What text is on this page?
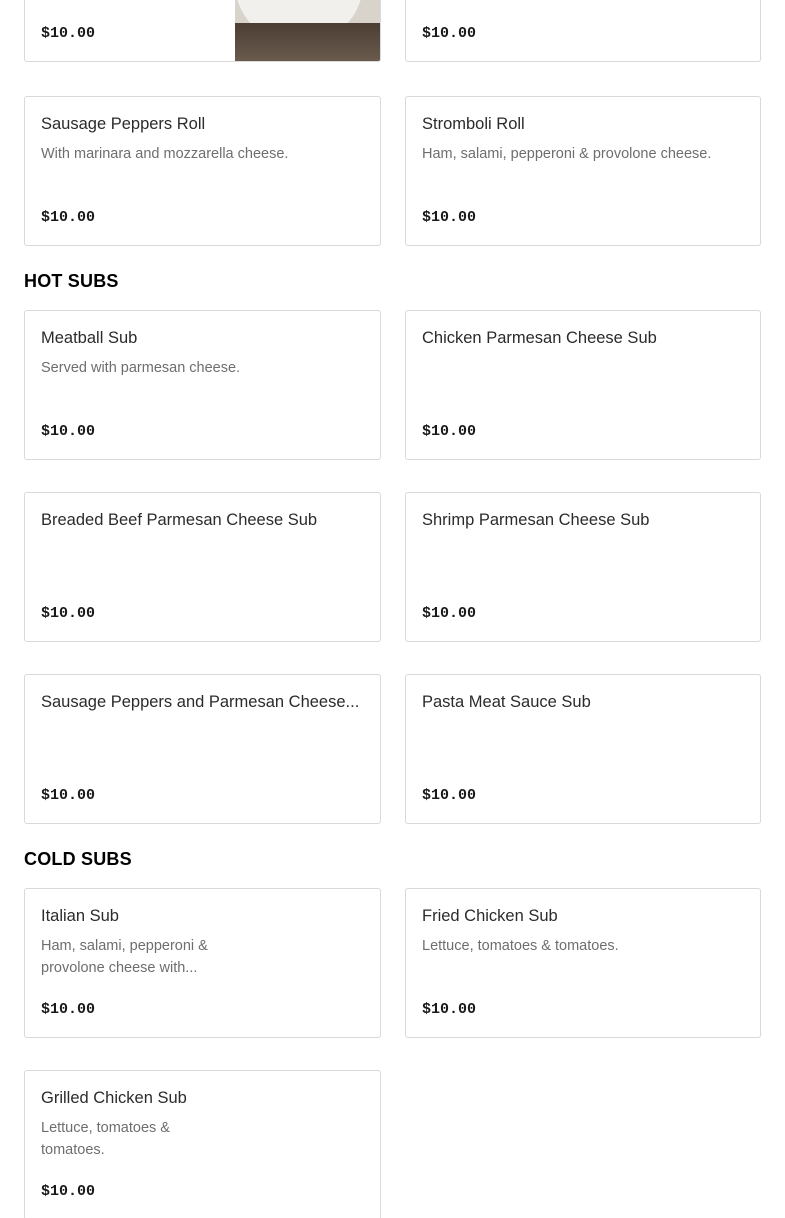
$10.00	$10.00
Sausage Peppers Roll
With marinara and mozzarella cheese.
$10.00
Stromboli Roll
Ham, salami, pepperoni & provolone cheese.
$10.00
HOT SUBS
Meatball Sub
Served with parmesan cheese.
$10.00
Chicken Parmesan Cheese Sub
$10.00
Breaded Beef Parmesan Cheese Sub
$10.00
Shrimp Parmesan Cheese Sub
$10.00
Sausage Peppers and Parmesan Cheese...
$10.00
Pasta Meat Sauce Sub
$10.00
COLD SUBS
Italian Sub
Ham, salami, pepperoni &
provolone cheese with...
$10.00
Fried Chicken Sub
Lettuce, tomatoes & tomatoes.
$10.00
Grilled Chicken Sub
Lettuce, tomatoes &
tomatoes.
$10.00
